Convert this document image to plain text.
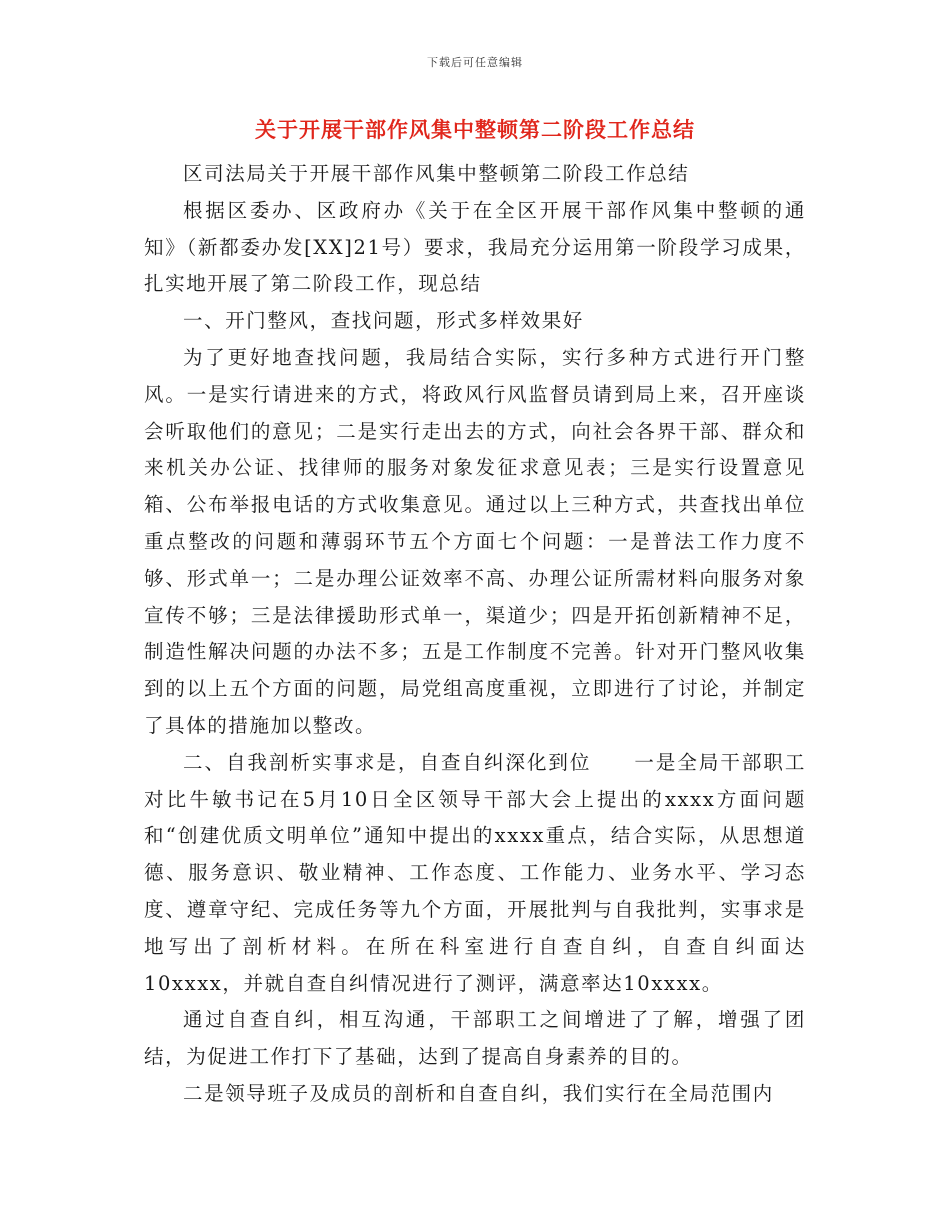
下载后可任意编辑
关于开展干部作风集中整顿第二阶段工作总结

区司法局关于开展干部作风集中整顿第二阶段工作总结

根据区委办、区政府办《关于在全区开展干部作风集中整顿的通知》（新都委办发[XX]21号）要求，我局充分运用第一阶段学习成果，扎实地开展了第二阶段工作，现总结

一、开门整风，查找问题，形式多样效果好

为了更好地查找问题，我局结合实际，实行多种方式进行开门整风。一是实行请进来的方式，将政风行风监督员请到局上来，召开座谈会听取他们的意见；二是实行走出去的方式，向社会各界干部、群众和来机关办公证、找律师的服务对象发征求意见表；三是实行设置意见箱、公布举报电话的方式收集意见。通过以上三种方式，共查找出单位重点整改的问题和薄弱环节五个方面七个问题：一是普法工作力度不够、形式单一；二是办理公证效率不高、办理公证所需材料向服务对象宣传不够；三是法律援助形式单一，渠道少；四是开拓创新精神不足，制造性解决问题的办法不多；五是工作制度不完善。针对开门整风收集到的以上五个方面的问题，局党组高度重视，立即进行了讨论，并制定了具体的措施加以整改。

二、自我剖析实事求是，自查自纠深化到位　　一是全局干部职工对比牛敏书记在5月10日全区领导干部大会上提出的xxxx方面问题和“创建优质文明单位”通知中提出的xxxx重点，结合实际，从思想道德、服务意识、敬业精神、工作态度、工作能力、业务水平、学习态度、遵章守纪、完成任务等九个方面，开展批判与自我批判，实事求是地写出了剖析材料。在所在科室进行自查自纠，自查自纠面达10xxxx，并就自查自纠情况进行了测评，满意率达10xxxx。

通过自查自纠，相互沟通，干部职工之间增进了了解，增强了团结，为促进工作打下了基础，达到了提高自身素养的目的。

二是领导班子及成员的剖析和自查自纠，我们实行在全局范围内
